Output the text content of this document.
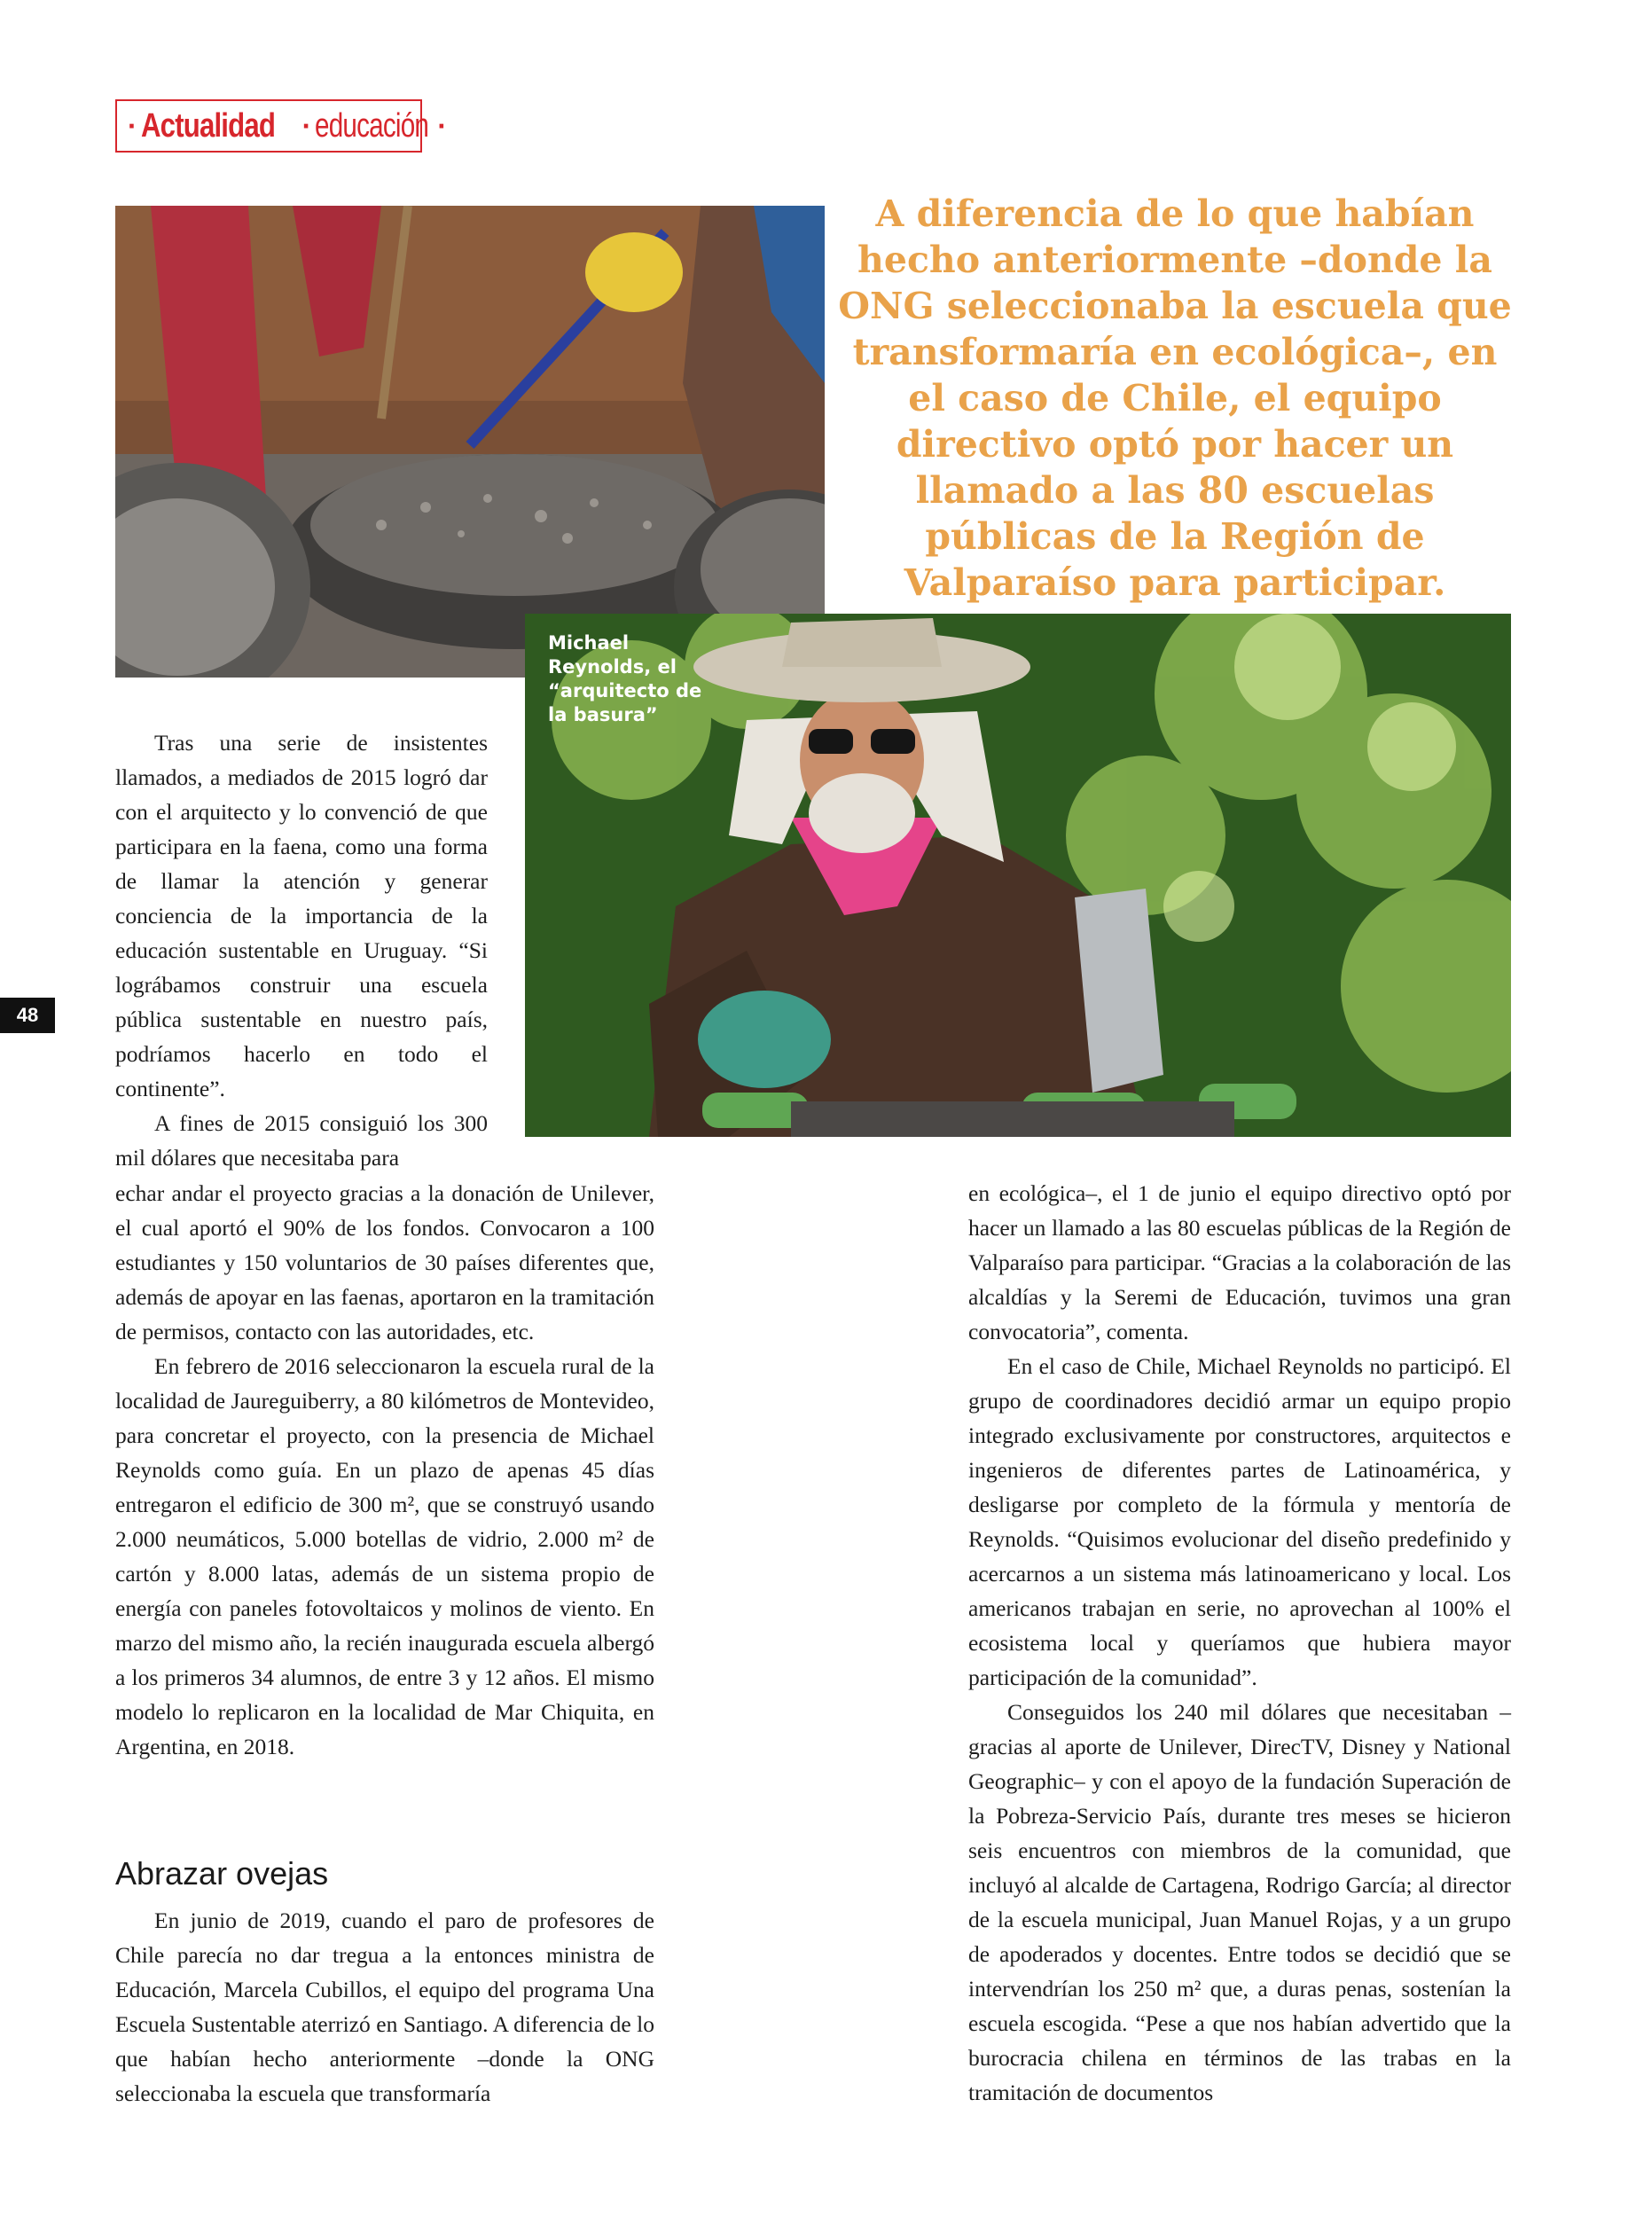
· Actualidad · educación ·

A diferencia de lo que habían hecho anteriormente –donde la ONG seleccionaba la escuela que transformaría en ecológica–, en el caso de Chile, el equipo directivo optó por hacer un llamado a las 80 escuelas públicas de la Región de Valparaíso para participar.

Michael Reynolds, el “arquitecto de la basura”

48

Tras una serie de insistentes llamados, a mediados de 2015 logró dar con el arquitecto y lo convenció de que participara en la faena, como una forma de llamar la atención y generar conciencia de la importancia de la educación sustentable en Uruguay. “Si lográbamos construir una escuela pública sustentable en nuestro país, podríamos hacerlo en todo el continente”.

A fines de 2015 consiguió los 300 mil dólares que necesitaba para

echar andar el proyecto gracias a la donación de Unilever, el cual aportó el 90% de los fondos. Convocaron a 100 estudiantes y 150 voluntarios de 30 países diferentes que, además de apoyar en las faenas, aportaron en la tramitación de permisos, contacto con las autoridades, etc.

En febrero de 2016 seleccionaron la escuela rural de la localidad de Jaureguiberry, a 80 kilómetros de Montevideo, para concretar el proyecto, con la presencia de Michael Reynolds como guía. En un plazo de apenas 45 días entregaron el edificio de 300 m², que se construyó usando 2.000 neumáticos, 5.000 botellas de vidrio, 2.000 m² de cartón y 8.000 latas, además de un sistema propio de energía con paneles fotovoltaicos y molinos de viento. En marzo del mismo año, la recién inaugurada escuela albergó a los primeros 34 alumnos, de entre 3 y 12 años. El mismo modelo lo replicaron en la localidad de Mar Chiquita, en Argentina, en 2018.

Abrazar ovejas

En junio de 2019, cuando el paro de profesores de Chile parecía no dar tregua a la entonces ministra de Educación, Marcela Cubillos, el equipo del programa Una Escuela Sustentable aterrizó en Santiago. A diferencia de lo que habían hecho anteriormente –donde la ONG seleccionaba la escuela que transformaría

en ecológica–, el 1 de junio el equipo directivo optó por hacer un llamado a las 80 escuelas públicas de la Región de Valparaíso para participar. “Gracias a la colaboración de las alcaldías y la Seremi de Educación, tuvimos una gran convocatoria”, comenta.

En el caso de Chile, Michael Reynolds no participó. El grupo de coordinadores decidió armar un equipo propio integrado exclusivamente por constructores, arquitectos e ingenieros de diferentes partes de Latinoamérica, y desligarse por completo de la fórmula y mentoría de Reynolds. “Quisimos evolucionar del diseño predefinido y acercarnos a un sistema más latinoamericano y local. Los americanos trabajan en serie, no aprovechan al 100% el ecosistema local y queríamos que hubiera mayor participación de la comunidad”.

Conseguidos los 240 mil dólares que necesitaban –gracias al aporte de Unilever, DirecTV, Disney y National Geographic– y con el apoyo de la fundación Superación de la Pobreza-Servicio País, durante tres meses se hicieron seis encuentros con miembros de la comunidad, que incluyó al alcalde de Cartagena, Rodrigo García; al director de la escuela municipal, Juan Manuel Rojas, y a un grupo de apoderados y docentes. Entre todos se decidió que se intervendrían los 250 m² que, a duras penas, sostenían la escuela escogida. “Pese a que nos habían advertido que la burocracia chilena en términos de las trabas en la tramitación de documentos
